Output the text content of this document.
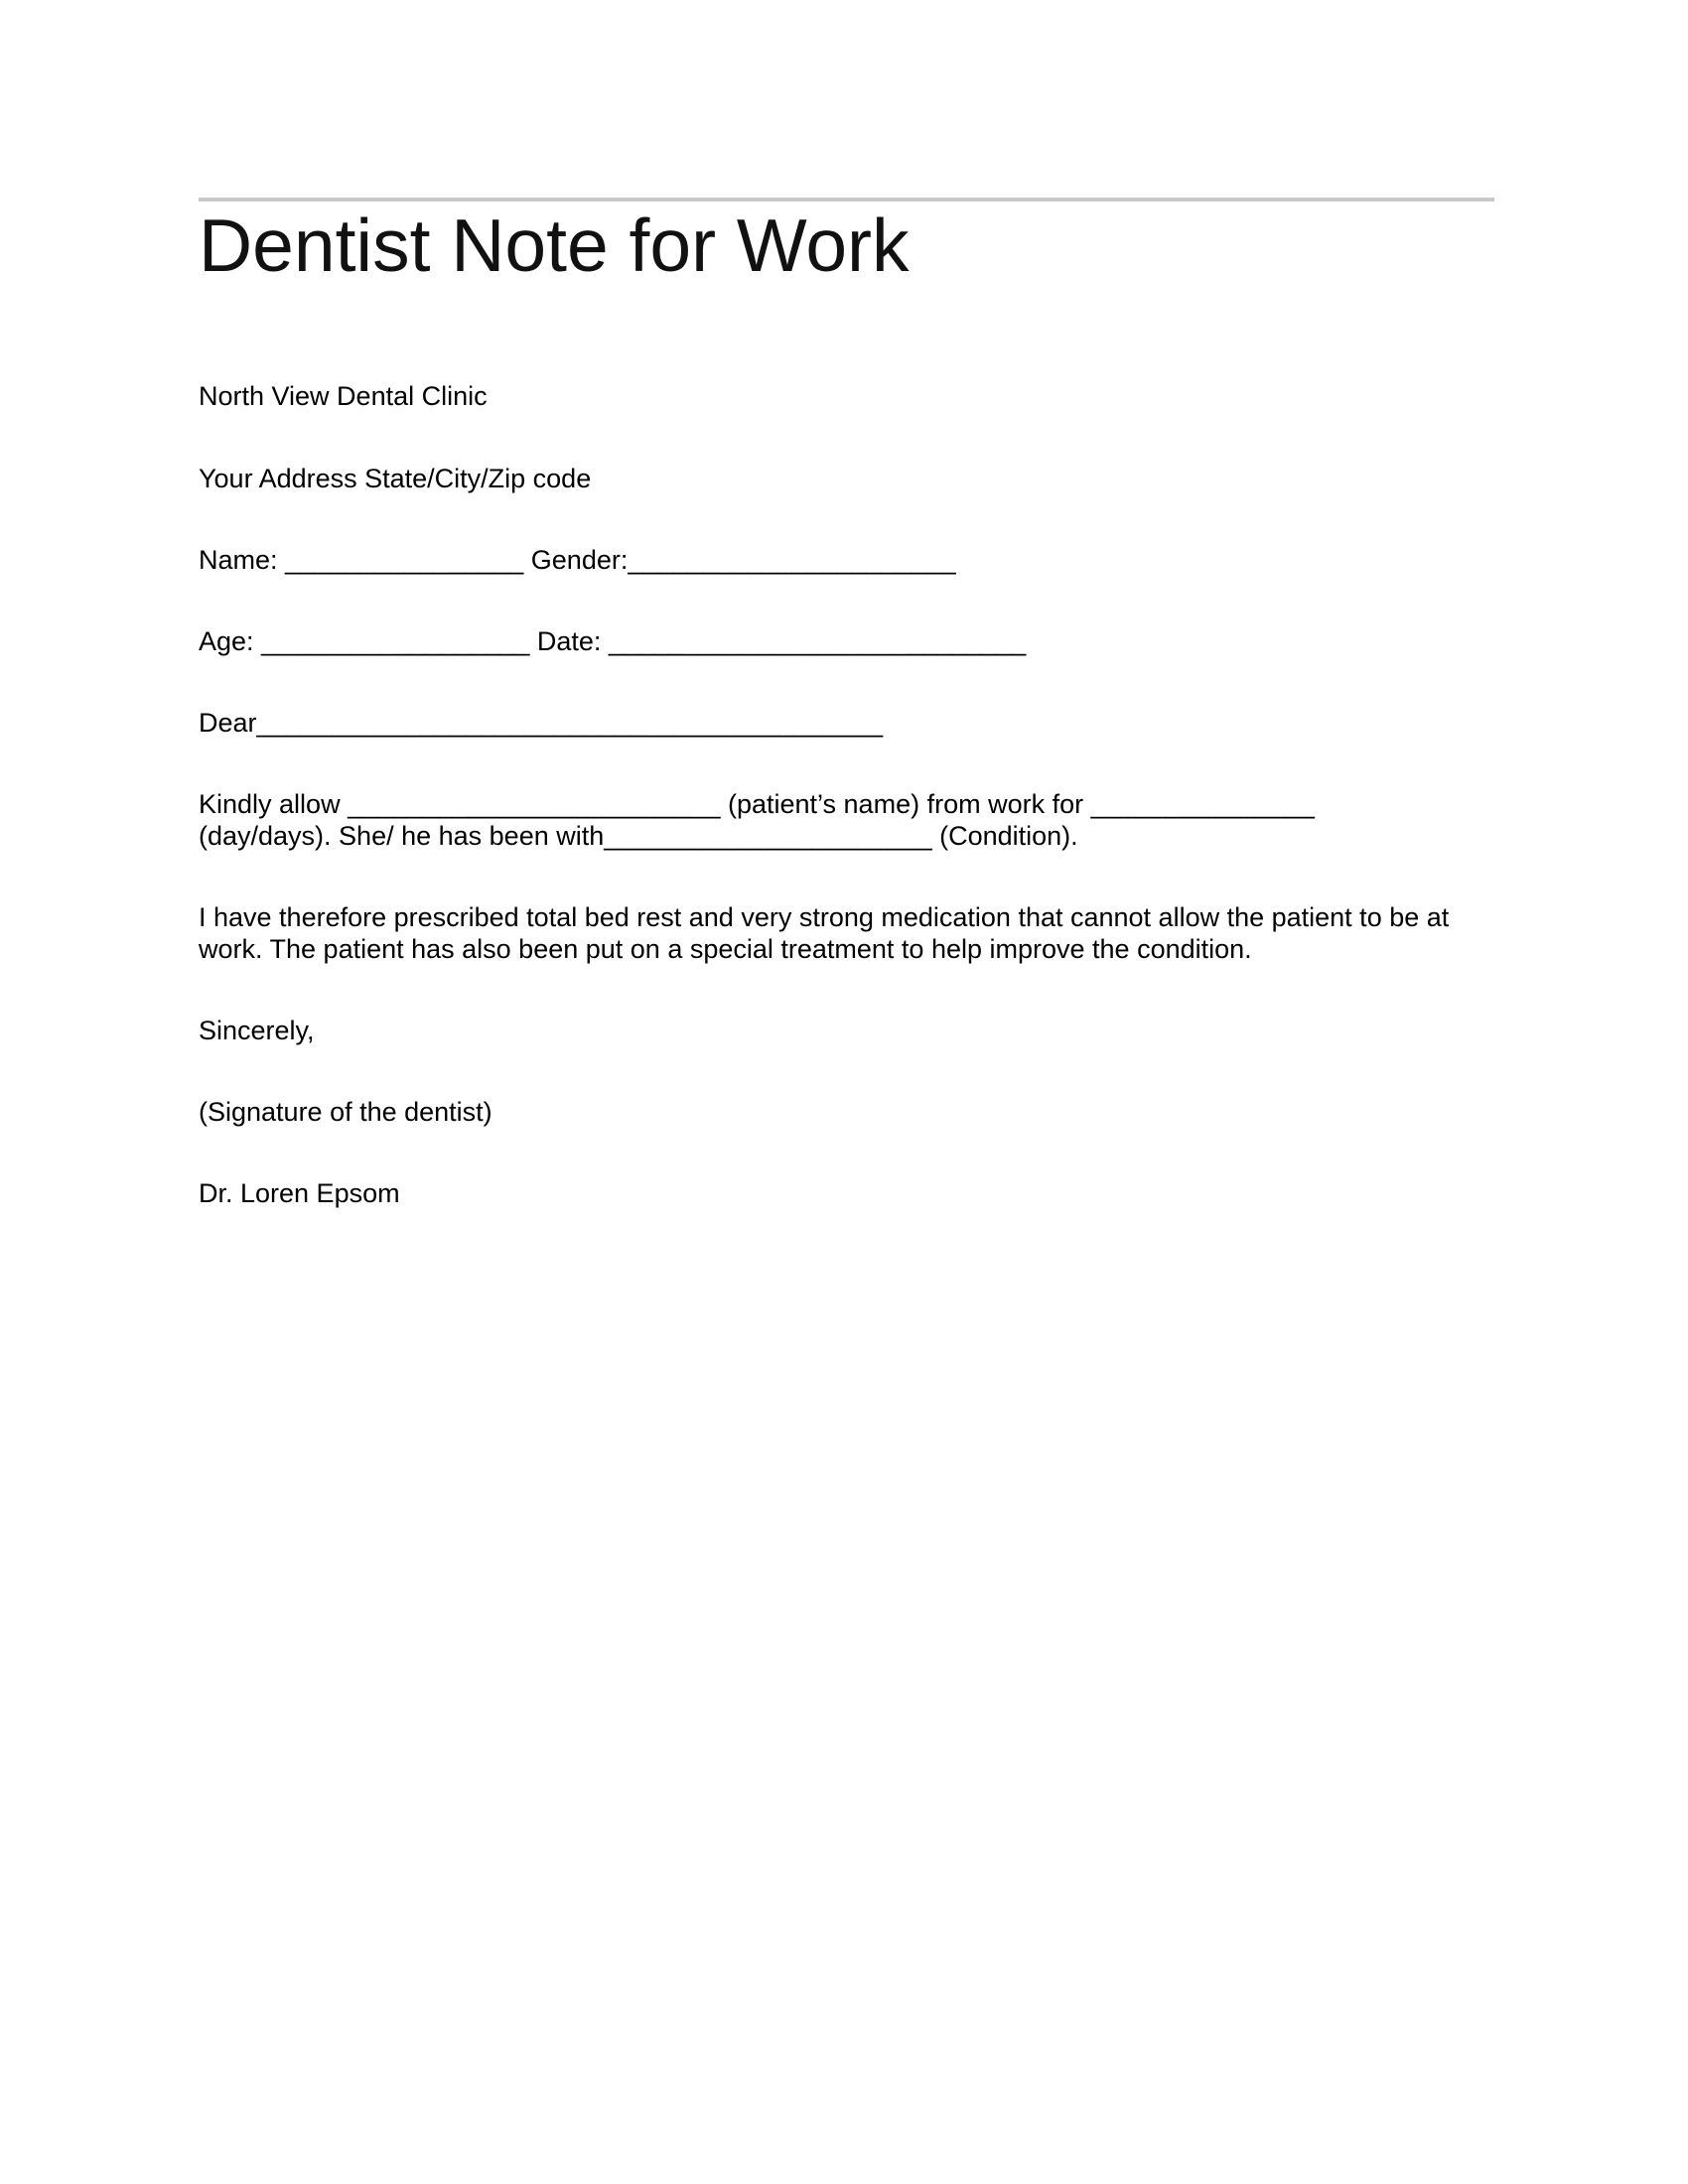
Dentist Note for Work

North View Dental Clinic

Your Address State/City/Zip code

Name: ________________ Gender:______________________

Age: __________________ Date: ____________________________

Dear__________________________________________

Kindly allow _________________________ (patient’s name) from work for _______________

(day/days). She/ he has been with______________________ (Condition).

I have therefore prescribed total bed rest and very strong medication that cannot allow the patient to be at

work. The patient has also been put on a special treatment to help improve the condition.

Sincerely,

(Signature of the dentist)

Dr. Loren Epsom
